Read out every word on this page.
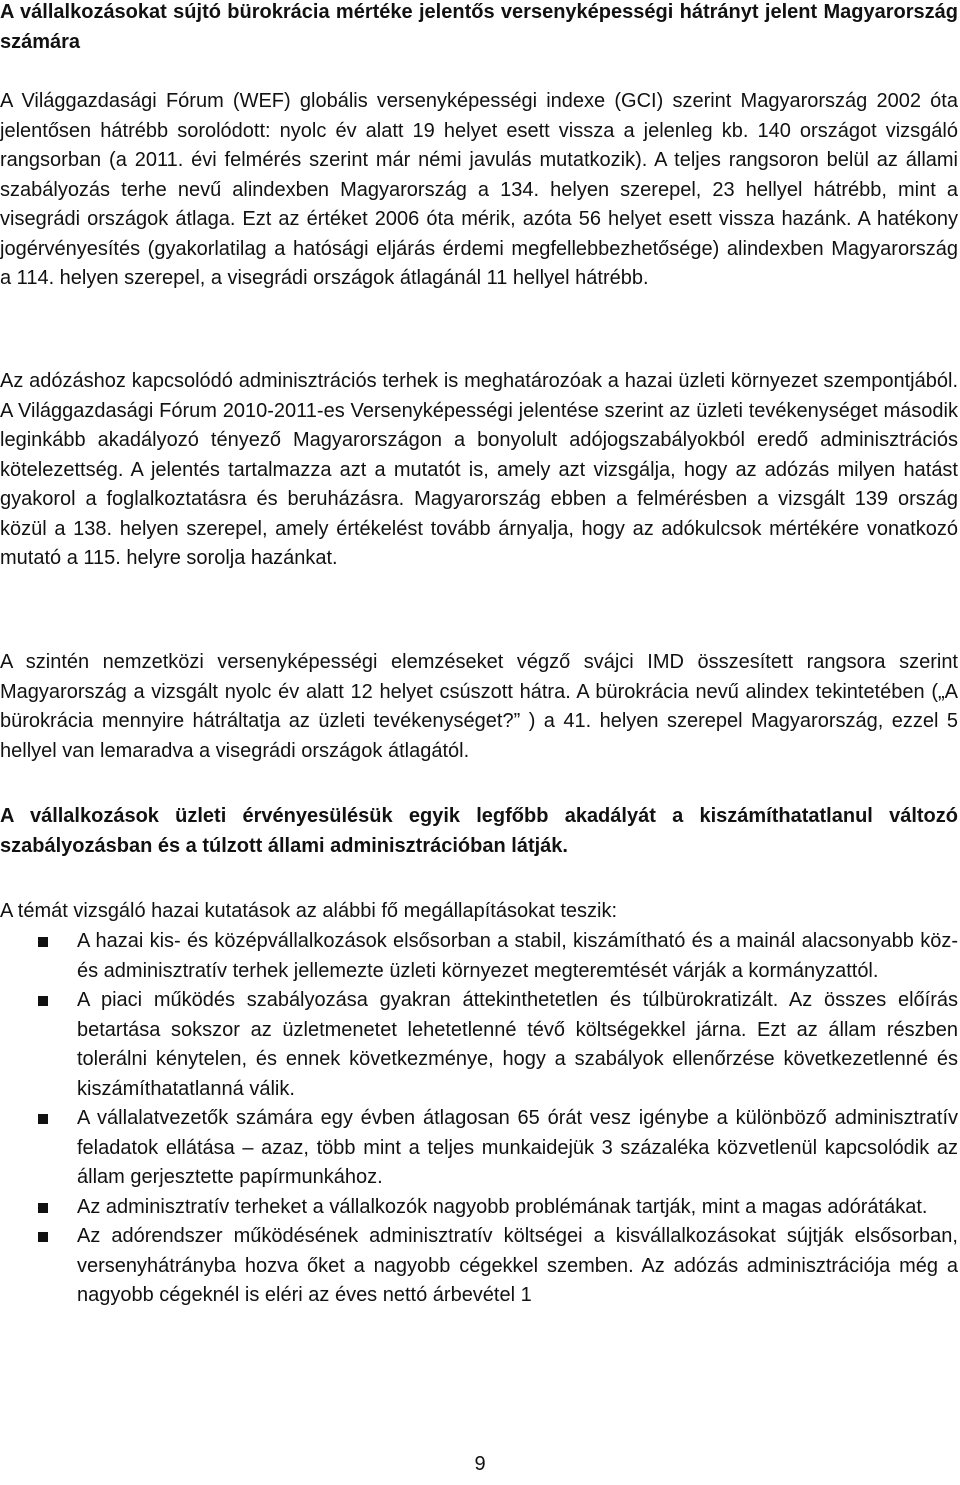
A vállalkozásokat sújtó bürokrácia mértéke jelentős versenyképességi hátrányt jelent Magyarország számára

A Világgazdasági Fórum (WEF) globális versenyképességi indexe (GCI) szerint Magyarország 2002 óta jelentősen hátrébb sorolódott: nyolc év alatt 19 helyet esett vissza a jelenleg kb. 140 országot vizsgáló rangsorban (a 2011. évi felmérés szerint már némi javulás mutatkozik). A teljes rangsoron belül az állami szabályozás terhe nevű alindexben Magyarország a 134. helyen szerepel, 23 hellyel hátrébb, mint a visegrádi országok átlaga. Ezt az értéket 2006 óta mérik, azóta 56 helyet esett vissza hazánk. A hatékony jogérvényesítés (gyakorlatilag a hatósági eljárás érdemi megfellebbezhetősége) alindexben Magyarország a 114. helyen szerepel, a visegrádi országok átlagánál 11 hellyel hátrébb.

Az adózáshoz kapcsolódó adminisztrációs terhek is meghatározóak a hazai üzleti környezet szempontjából. A Világgazdasági Fórum 2010-2011-es Versenyképességi jelentése szerint az üzleti tevékenységet második leginkább akadályozó tényező Magyarországon a bonyolult adójogszabályokból eredő adminisztrációs kötelezettség. A jelentés tartalmazza azt a mutatót is, amely azt vizsgálja, hogy az adózás milyen hatást gyakorol a foglalkoztatásra és beruházásra. Magyarország ebben a felmérésben a vizsgált 139 ország közül a 138. helyen szerepel, amely értékelést tovább árnyalja, hogy az adókulcsok mértékére vonatkozó mutató a 115. helyre sorolja hazánkat.

A szintén nemzetközi versenyképességi elemzéseket végző svájci IMD összesített rangsora szerint Magyarország a vizsgált nyolc év alatt 12 helyet csúszott hátra. A bürokrácia nevű alindex tekintetében („A bürokrácia mennyire hátráltatja az üzleti tevékenységet?” ) a 41. helyen szerepel Magyarország, ezzel 5 hellyel van lemaradva a visegrádi országok átlagától.

A vállalkozások üzleti érvényesülésük egyik legfőbb akadályát a kiszámíthatatlanul változó szabályozásban és a túlzott állami adminisztrációban látják.

A témát vizsgáló hazai kutatások az alábbi fő megállapításokat teszik:

A hazai kis- és középvállalkozások elsősorban a stabil, kiszámítható és a mainál alacsonyabb köz- és adminisztratív terhek jellemezte üzleti környezet megteremtését várják a kormányzattól.
A piaci működés szabályozása gyakran áttekinthetetlen és túlbürokratizált. Az összes előírás betartása sokszor az üzletmenetet lehetetlenné tévő költségekkel járna. Ezt az állam részben tolerálni kénytelen, és ennek következménye, hogy a szabályok ellenőrzése következetlenné és kiszámíthatatlanná válik.
A vállalatvezetők számára egy évben átlagosan 65 órát vesz igénybe a különböző adminisztratív feladatok ellátása – azaz, több mint a teljes munkaidejük 3 százaléka közvetlenül kapcsolódik az állam gerjesztette papírmunkához.
Az adminisztratív terheket a vállalkozók nagyobb problémának tartják, mint a magas adórátákat.
Az adórendszer működésének adminisztratív költségei a kisvállalkozásokat sújtják elsősorban, versenyhátrányba hozva őket a nagyobb cégekkel szemben. Az adózás adminisztrációja még a nagyobb cégeknél is eléri az éves nettó árbevétel 1
9
